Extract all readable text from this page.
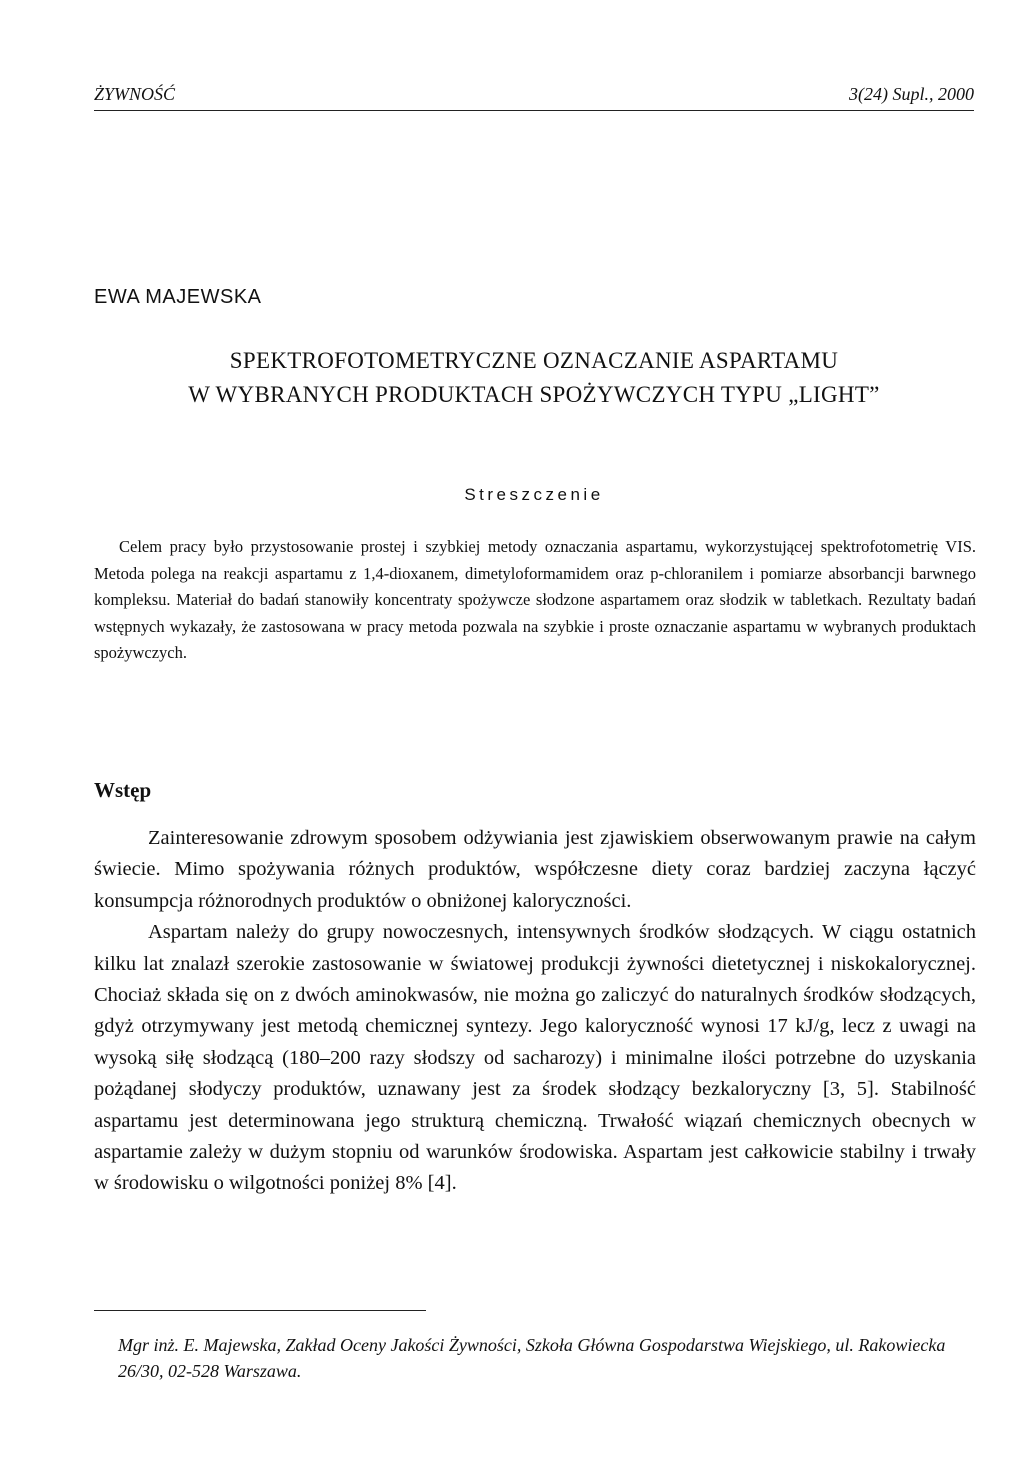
ŻYWNOŚĆ	3(24) Supl., 2000
EWA MAJEWSKA
SPEKTROFOTOMETRYCZNE OZNACZANIE ASPARTAMU
W WYBRANYCH PRODUKTACH SPOŻYWCZYCH TYPU „LIGHT”
Streszczenie

Celem pracy było przystosowanie prostej i szybkiej metody oznaczania aspartamu, wykorzystującej spektrofotometrię VIS. Metoda polega na reakcji aspartamu z 1,4-dioxanem, dimetyloformamidem oraz p-chloranilem i pomiarze absorbancji barwnego kompleksu. Materiał do badań stanowiły koncentraty spożywcze słodzone aspartamem oraz słodzik w tabletkach. Rezultaty badań wstępnych wykazały, że zastosowana w pracy metoda pozwala na szybkie i proste oznaczanie aspartamu w wybranych produktach spożywczych.

Wstęp

Zainteresowanie zdrowym sposobem odżywiania jest zjawiskiem obserwowanym prawie na całym świecie. Mimo spożywania różnych produktów, współczesne diety coraz bardziej zaczyna łączyć konsumpcja różnorodnych produktów o obniżonej kaloryczności.

Aspartam należy do grupy nowoczesnych, intensywnych środków słodzących. W ciągu ostatnich kilku lat znalazł szerokie zastosowanie w światowej produkcji żywności dietetycznej i niskokalorycznej. Chociaż składa się on z dwóch aminokwasów, nie można go zaliczyć do naturalnych środków słodzących, gdyż otrzymywany jest metodą chemicznej syntezy. Jego kaloryczność wynosi 17 kJ/g, lecz z uwagi na wysoką siłę słodzącą (180–200 razy słodszy od sacharozy) i minimalne ilości potrzebne do uzyskania pożądanej słodyczy produktów, uznawany jest za środek słodzący bezkaloryczny [3, 5]. Stabilność aspartamu jest determinowana jego strukturą chemiczną. Trwałość wiązań chemicznych obecnych w aspartamie zależy w dużym stopniu od warunków środowiska. Aspartam jest całkowicie stabilny i trwały w środowisku o wilgotności poniżej 8% [4].

Mgr inż. E. Majewska, Zakład Oceny Jakości Żywności, Szkoła Główna Gospodarstwa Wiejskiego, ul. Rakowiecka 26/30, 02-528 Warszawa.
